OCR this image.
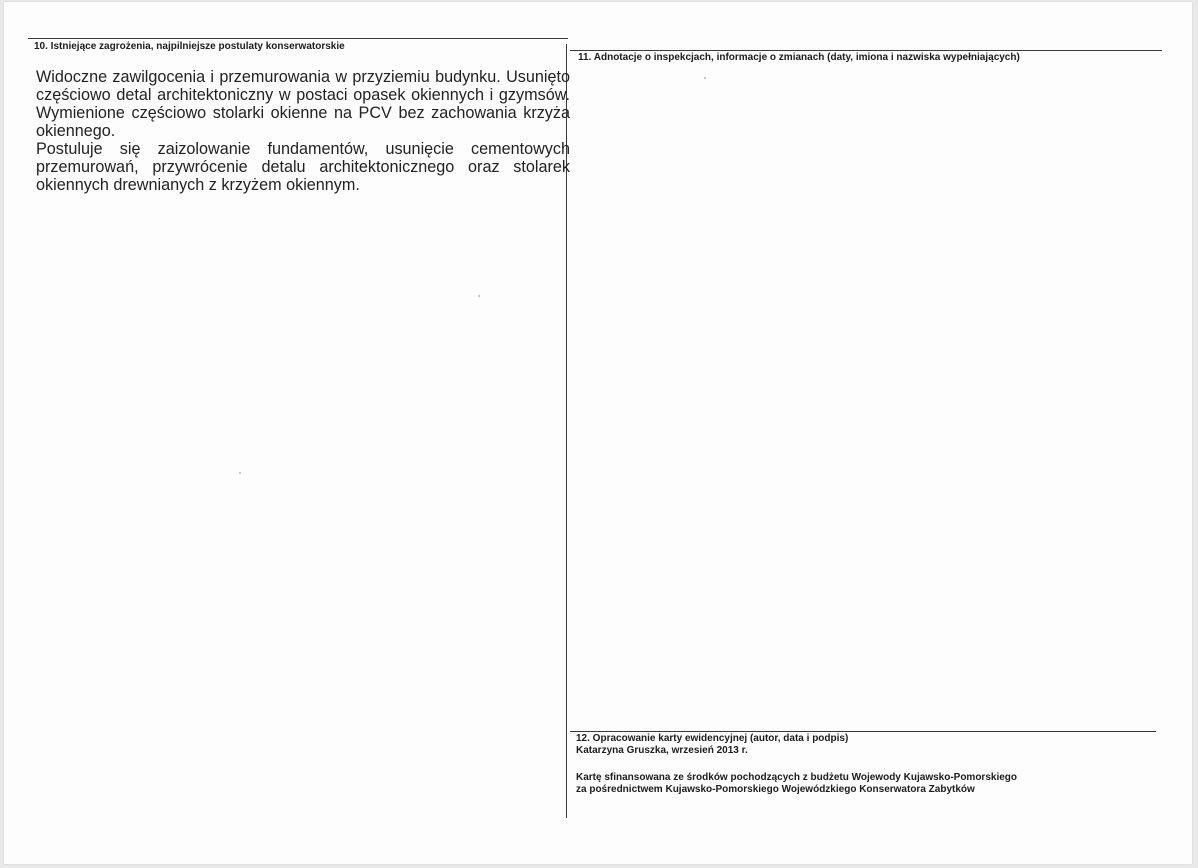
10. Istniejące zagrożenia, najpilniejsze postulaty konserwatorskie

Widoczne zawilgocenia i przemurowania w przyziemiu budynku. Usunięto częściowo detal architektoniczny w postaci opasek okiennych i gzymsów. Wymienione częściowo stolarki okienne na PCV bez zachowania krzyża okiennego.

Postuluje się zaizolowanie fundamentów, usunięcie cementowych przemurowań, przywrócenie detalu architektonicznego oraz stolarek okiennych drewnianych z krzyżem okiennym.

11. Adnotacje o inspekcjach, informacje o zmianach (daty, imiona i nazwiska wypełniających)
12. Opracowanie karty ewidencyjnej (autor, data i podpis)
Katarzyna Gruszka, wrzesień 2013 r.
Kartę sfinansowana ze środków pochodzących z budżetu Wojewody Kujawsko-Pomorskiego
za pośrednictwem Kujawsko-Pomorskiego Wojewódzkiego Konserwatora Zabytków
